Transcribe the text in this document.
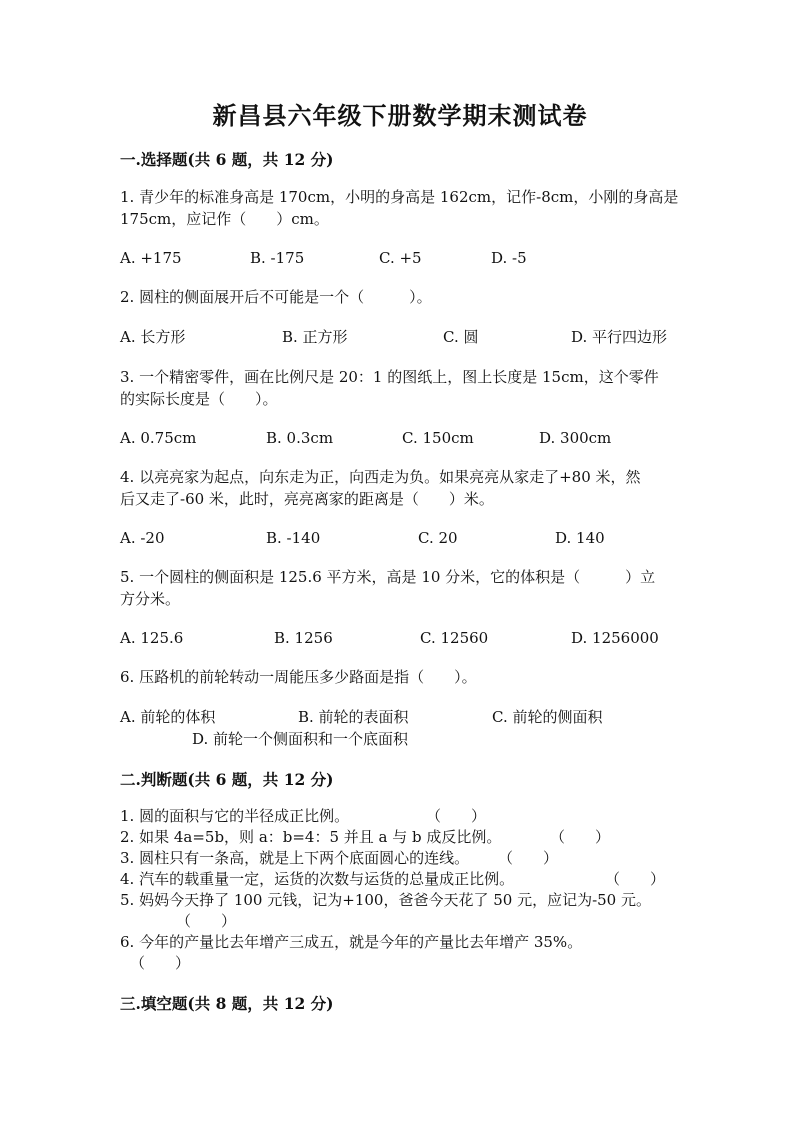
新昌县六年级下册数学期末测试卷
一.选择题(共 6 题，共 12 分)
1. 青少年的标准身高是 170cm，小明的身高是 162cm，记作-8cm，小刚的身高是
175cm，应记作（　　）cm。
A. +175	B. -175	C. +5	D. -5
2. 圆柱的侧面展开后不可能是一个（　　　）。
A. 长方形	B. 正方形	C. 圆	D. 平行四边形
3. 一个精密零件，画在比例尺是 20：1 的图纸上，图上长度是 15cm，这个零件
的实际长度是（　　）。
A. 0.75cm	B. 0.3cm	C. 150cm	D. 300cm
4. 以亮亮家为起点，向东走为正，向西走为负。如果亮亮从家走了+80 米，然
后又走了-60 米，此时，亮亮离家的距离是（　　）米。
A. -20	B. -140	C. 20	D. 140
5. 一个圆柱的侧面积是 125.6 平方米，高是 10 分米，它的体积是（　　　）立
方分米。
A. 125.6	B. 1256	C. 12560	D. 1256000
6. 压路机的前轮转动一周能压多少路面是指（　　）。
A. 前轮的体积	B. 前轮的表面积	C. 前轮的侧面积
D. 前轮一个侧面积和一个底面积
二.判断题(共 6 题，共 12 分)
1. 圆的面积与它的半径成正比例。	（　　）
2. 如果 4a=5b，则 a：b=4：5 并且 a 与 b 成反比例。	（　　）
3. 圆柱只有一条高，就是上下两个底面圆心的连线。 （　　）
4. 汽车的载重量一定，运货的次数与运货的总量成正比例。	（　　）
5. 妈妈今天挣了 100 元钱，记为+100，爸爸今天花了 50 元，应记为-50 元。
（　　）
6. 今年的产量比去年增产三成五，就是今年的产量比去年增产 35%。
（　　）
三.填空题(共 8 题，共 12 分)
